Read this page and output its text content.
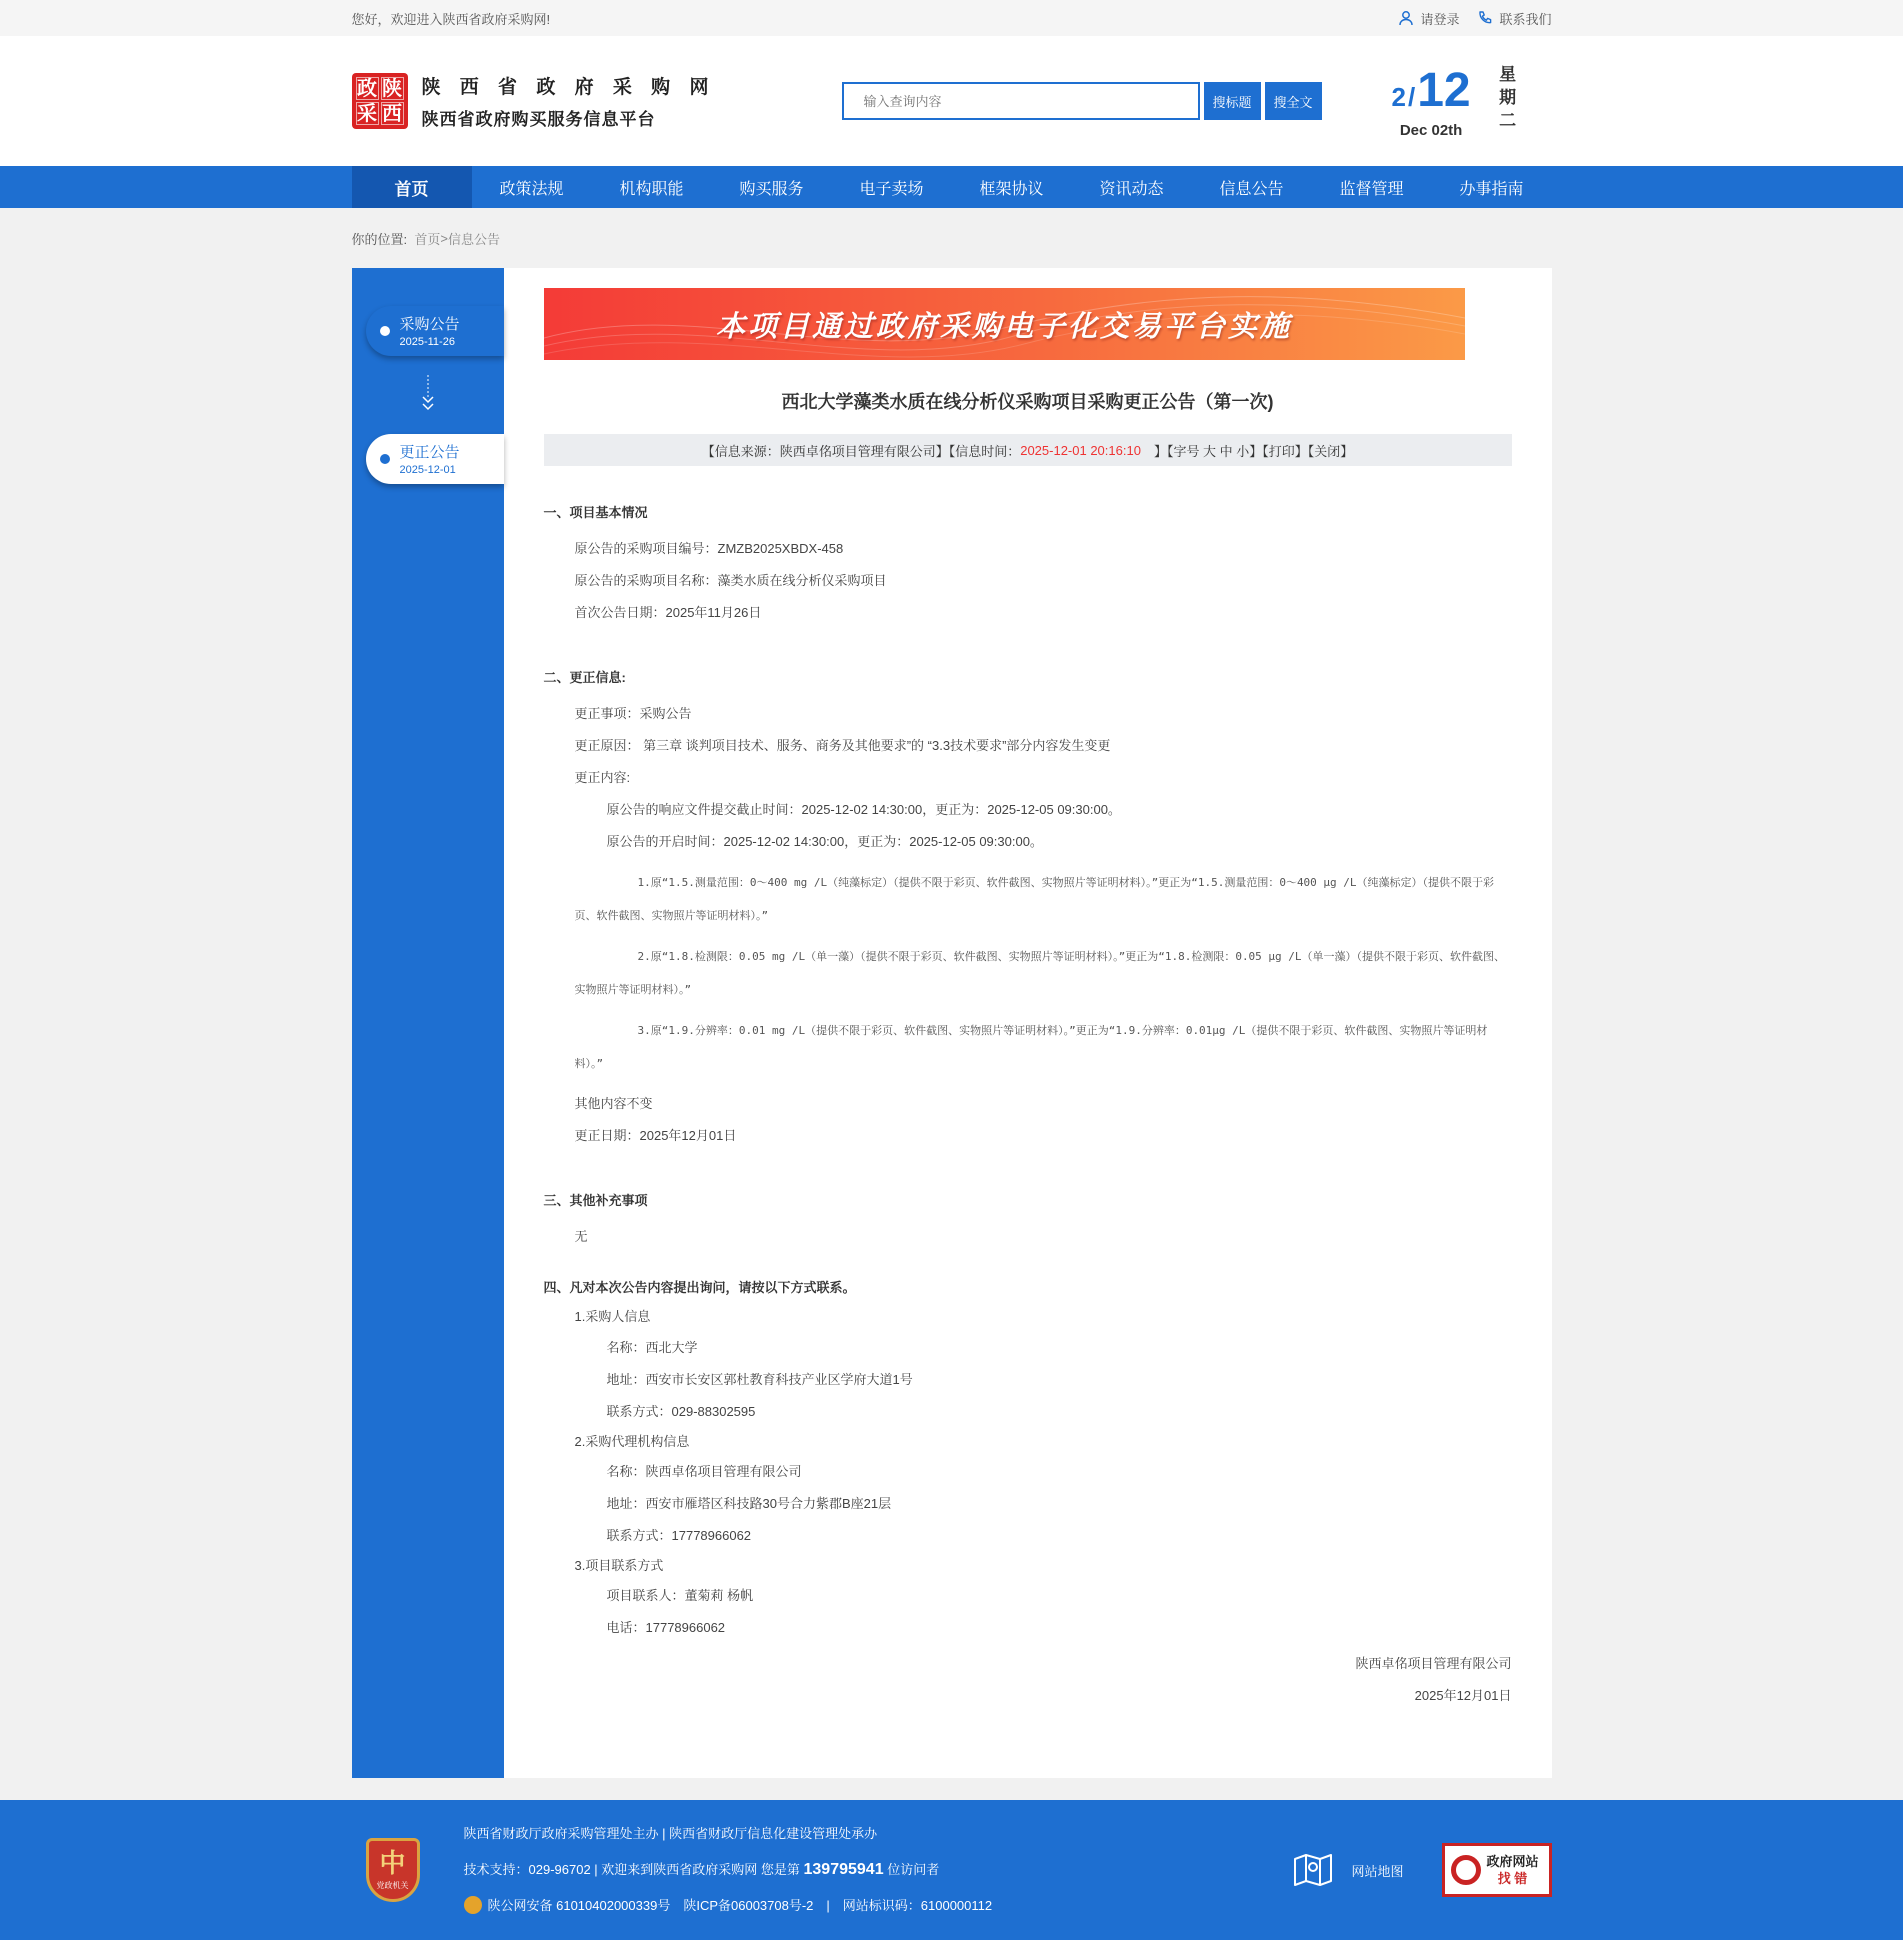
您好，欢迎进入陕西省政府采购网!	请登录	联系我们
政 陕
采 西
陕 西 省 政 府 采 购 网
陕西省政府购买服务信息平台
输入查询内容
搜标题	搜全文	2/12
Dec 02th
星
期
二
首页	政策法规	机构职能	购买服务	电子卖场	框架协议	资讯动态	信息公告	监督管理	办事指南
你的位置:
首页 > 信息公告
采购公告
2025-11-26
更正公告
2025-12-01
本项目通过政府采购电子化交易平台实施
西北大学藻类水质在线分析仪采购项目采购更正公告（第一次)
【信息来源：陕西卓佲项目管理有限公司】【信息时间： 2025-12-01 20:16:10 　】【字号 大 中 小】【打印】【关闭】
一、项目基本情况
原公告的采购项目编号：ZMZB2025XBDX-458
原公告的采购项目名称：藻类水质在线分析仪采购项目
首次公告日期：2025年11月26日
二、更正信息:
更正事项：采购公告
更正原因： 第三章 谈判项目技术、服务、商务及其他要求”的 “3.3技术要求”部分内容发生变更
更正内容:
原公告的响应文件提交截止时间：2025-12-02 14:30:00，更正为：2025-12-05 09:30:00。
原公告的开启时间：2025-12-02 14:30:00，更正为：2025-12-05 09:30:00。
1.原“1.5.测量范围：0～400 mg /L（纯藻标定）（提供不限于彩页、软件截图、实物照片等证明材料）。”更正为“1.5.测量范围：0～400 μg /L（纯藻标定）（提供不限于彩页、软件截图、实物照片等证明材料）。”
2.原“1.8.检测限：0.05 mg /L（单一藻）（提供不限于彩页、软件截图、实物照片等证明材料）。”更正为“1.8.检测限：0.05 μg /L（单一藻）（提供不限于彩页、软件截图、实物照片等证明材料）。”
3.原“1.9.分辨率：0.01 mg /L（提供不限于彩页、软件截图、实物照片等证明材料）。”更正为“1.9.分辨率：0.01μg /L（提供不限于彩页、软件截图、实物照片等证明材料）。”
其他内容不变
更正日期：2025年12月01日
三、其他补充事项
无
四、凡对本次公告内容提出询问，请按以下方式联系。
1.采购人信息
名称：西北大学
地址：西安市长安区郭杜教育科技产业区学府大道1号
联系方式：029-88302595
2.采购代理机构信息
名称：陕西卓佲项目管理有限公司
地址：西安市雁塔区科技路30号合力紫郡B座21层
联系方式：17778966062
3.项目联系方式
项目联系人：董菊莉 杨帆
电话：17778966062
陕西卓佲项目管理有限公司
2025年12月01日
中
党政机关
陕西省财政厅政府采购管理处主办 | 陕西省财政厅信息化建设管理处承办
技术支持：029-96702 | 欢迎来到陕西省政府采购网 您是第 139795941 位访问者
陕公网安备 61010402000339号　陕ICP备06003708号-2　|　网站标识码：6100000112
网站地图
政府网站
找 错
